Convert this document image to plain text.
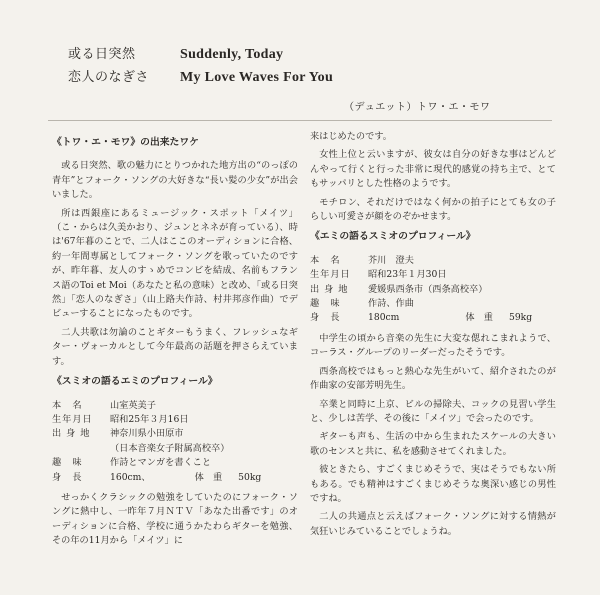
或る日突然	Suddenly, Today
恋人のなぎさ My Love Waves For You
（デュエット）トワ・エ・モワ
《トワ・エ・モワ》の出来たワケ

或る日突然、歌の魅力にとりつかれた地方出の“のっぽの青年”とフォーク・ソングの大好きな“長い髪の少女”が出会いました。

所は西銀座にあるミュージック・スポット「メイツ」（こ・からは久美かおり、ジュンとネネが育っている）、時は'67年暮のことで、二人はここのオーディションに合格、約一年間専属としてフォーク・ソングを歌っていたのですが、昨年暮、友人のすゝめでコンビを結成、名前もフランス語のToi et Moi（あなたと私の意味）と改め、「或る日突然」「恋人のなぎさ」（山上路夫作詩、村井邦彦作曲）でデビューすることになったものです。

二人共歌は勿論のことギターもうまく、フレッシュなギター・ヴォーカルとして今年最高の話題を押さらえています。

《スミオの語るエミのプロフィール》
本　名	山室英美子
生年月日	昭和25年３月16日
出 身 地	神奈川県小田原市
（日本音楽女子附属高校卒）
趣　味	作詩とマンガを書くこと
身　長	160cm、	体　重 50kg

せっかくクラシックの勉強をしていたのにフォーク・ソングに熱中し、一昨年７月ＮＴＶ「あなた出番です」のオーディションに合格、学校に通うかたわらギターを勉強、その年の11月から「メイツ」に

来はじめたのです。

女性上位と云いますが、彼女は自分の好きな事はどんどんやって行くと行った非常に現代的感覚の持ち主で、とてもサッパリとした性格のようです。

モチロン、それだけではなく何かの拍子にとても女の子らしい可愛さが顔をのぞかせます。

《エミの語るスミオのプロフィール》
本　名	芥川　澄夫
生年月日	昭和23年１月30日
出 身 地	愛媛県西条市（西条高校卒）
趣　味	作詩、作曲
身　長	180cm	体　重 59kg

中学生の頃から音楽の先生に大変な偲れこまれようで、コーラス・グループのリーダーだったそうです。

西条高校ではもっと熱心な先生がいて、紹介されたのが作曲家の安部芳明先生。

卒業と同時に上京、ビルの掃除夫、コックの見習い学生と、少しは苦学、その後に「メイツ」で会ったのです。

ギターも声も、生活の中から生まれたスケールの大きい歌のセンスと共に、私を感動させてくれました。

彼ときたら、すごくまじめそうで、実はそうでもない所もある。でも精神はすごくまじめそうな奥深い感じの男性ですね。

二人の共通点と云えばフォーク・ソングに対する情熱が気狂いじみていることでしょうね。
